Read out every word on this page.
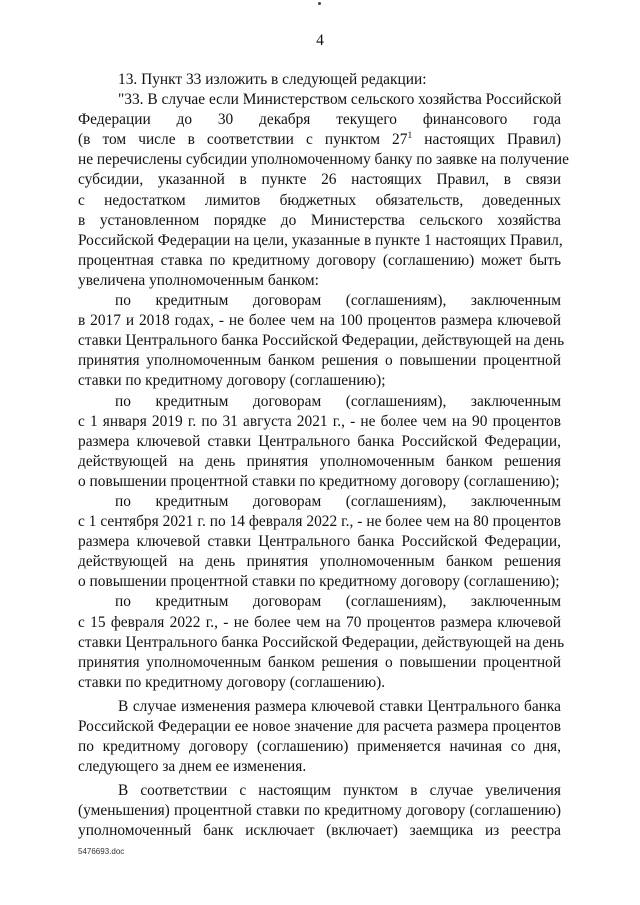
4
13. Пункт 33 изложить в следующей редакции:
"33. В случае если Министерством сельского хозяйства Российской
Федерации до 30 декабря текущего финансового года
(в том числе в соответствии с пунктом $27^1$ настоящих Правил)
не перечислены субсидии уполномоченному банку по заявке на получение
субсидии, указанной в пункте 26 настоящих Правил, в связи
с недостатком лимитов бюджетных обязательств, доведенных
в установленном порядке до Министерства сельского хозяйства
Российской Федерации на цели, указанные в пункте 1 настоящих Правил,
процентная ставка по кредитному договору (соглашению) может быть
увеличена уполномоченным банком:
по кредитным договорам (соглашениям), заключенным
в 2017 и 2018 годах, - не более чем на 100 процентов размера ключевой
ставки Центрального банка Российской Федерации, действующей на день
принятия уполномоченным банком решения о повышении процентной
ставки по кредитному договору (соглашению);
по кредитным договорам (соглашениям), заключенным
с 1 января 2019 г. по 31 августа 2021 г., - не более чем на 90 процентов
размера ключевой ставки Центрального банка Российской Федерации,
действующей на день принятия уполномоченным банком решения
о повышении процентной ставки по кредитному договору (соглашению);
по кредитным договорам (соглашениям), заключенным
с 1 сентября 2021 г. по 14 февраля 2022 г., - не более чем на 80 процентов
размера ключевой ставки Центрального банка Российской Федерации,
действующей на день принятия уполномоченным банком решения
о повышении процентной ставки по кредитному договору (соглашению);
по кредитным договорам (соглашениям), заключенным
с 15 февраля 2022 г., - не более чем на 70 процентов размера ключевой
ставки Центрального банка Российской Федерации, действующей на день
принятия уполномоченным банком решения о повышении процентной
ставки по кредитному договору (соглашению).
В случае изменения размера ключевой ставки Центрального банка
Российской Федерации ее новое значение для расчета размера процентов
по кредитному договору (соглашению) применяется начиная со дня,
следующего за днем ее изменения.
В соответствии с настоящим пунктом в случае увеличения
(уменьшения) процентной ставки по кредитному договору (соглашению)
уполномоченный банк исключает (включает) заемщика из реестра
5476693.doc
